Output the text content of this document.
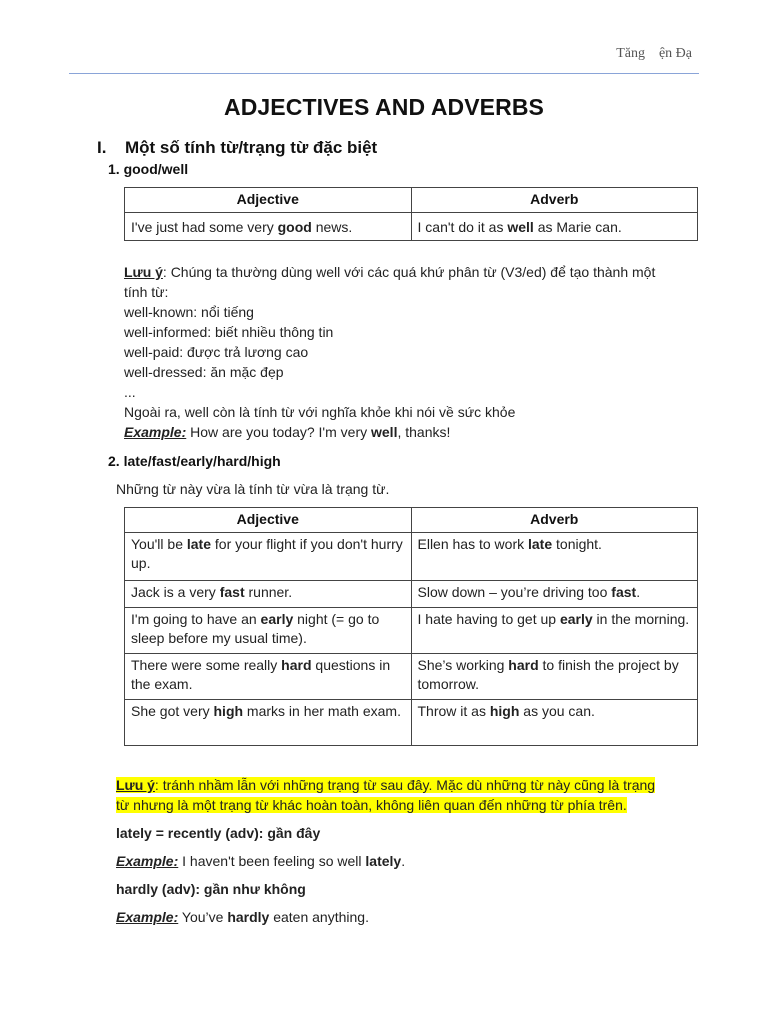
Tăng    ện Đạ
ADJECTIVES AND ADVERBS
I. Một số tính từ/trạng từ đặc biệt
1. good/well
Adjective	Adverb
I've just had some very good news.	I can't do it as well as Marie can.
Lưu ý: Chúng ta thường dùng well với các quá khứ phân từ (V3/ed) để tạo thành một
tính từ:
well-known: nổi tiếng
well-informed: biết nhiều thông tin
well-paid: được trả lương cao
well-dressed: ăn mặc đẹp
...
Ngoài ra, well còn là tính từ với nghĩa khỏe khi nói về sức khỏe
Example: How are you today? I'm very well, thanks!
2. late/fast/early/hard/high
Những từ này vừa là tính từ vừa là trạng từ.
Adjective	Adverb
You'll be late for your flight if you don't hurry up.	Ellen has to work late tonight.
Jack is a very fast runner.	Slow down – you’re driving too fast.
I'm going to have an early night (= go to sleep before my usual time).	I hate having to get up early in the morning.
There were some really hard questions in the exam.	She’s working hard to finish the project by tomorrow.
She got very high marks in her math exam.	Throw it as high as you can.
Lưu ý: tránh nhầm lẫn với những trạng từ sau đây. Mặc dù những từ này cũng là trạng
từ nhưng là một trạng từ khác hoàn toàn, không liên quan đến những từ phía trên.
lately = recently (adv): gần đây
Example: I haven't been feeling so well lately.
hardly (adv): gần như không
Example: You’ve hardly eaten anything.
